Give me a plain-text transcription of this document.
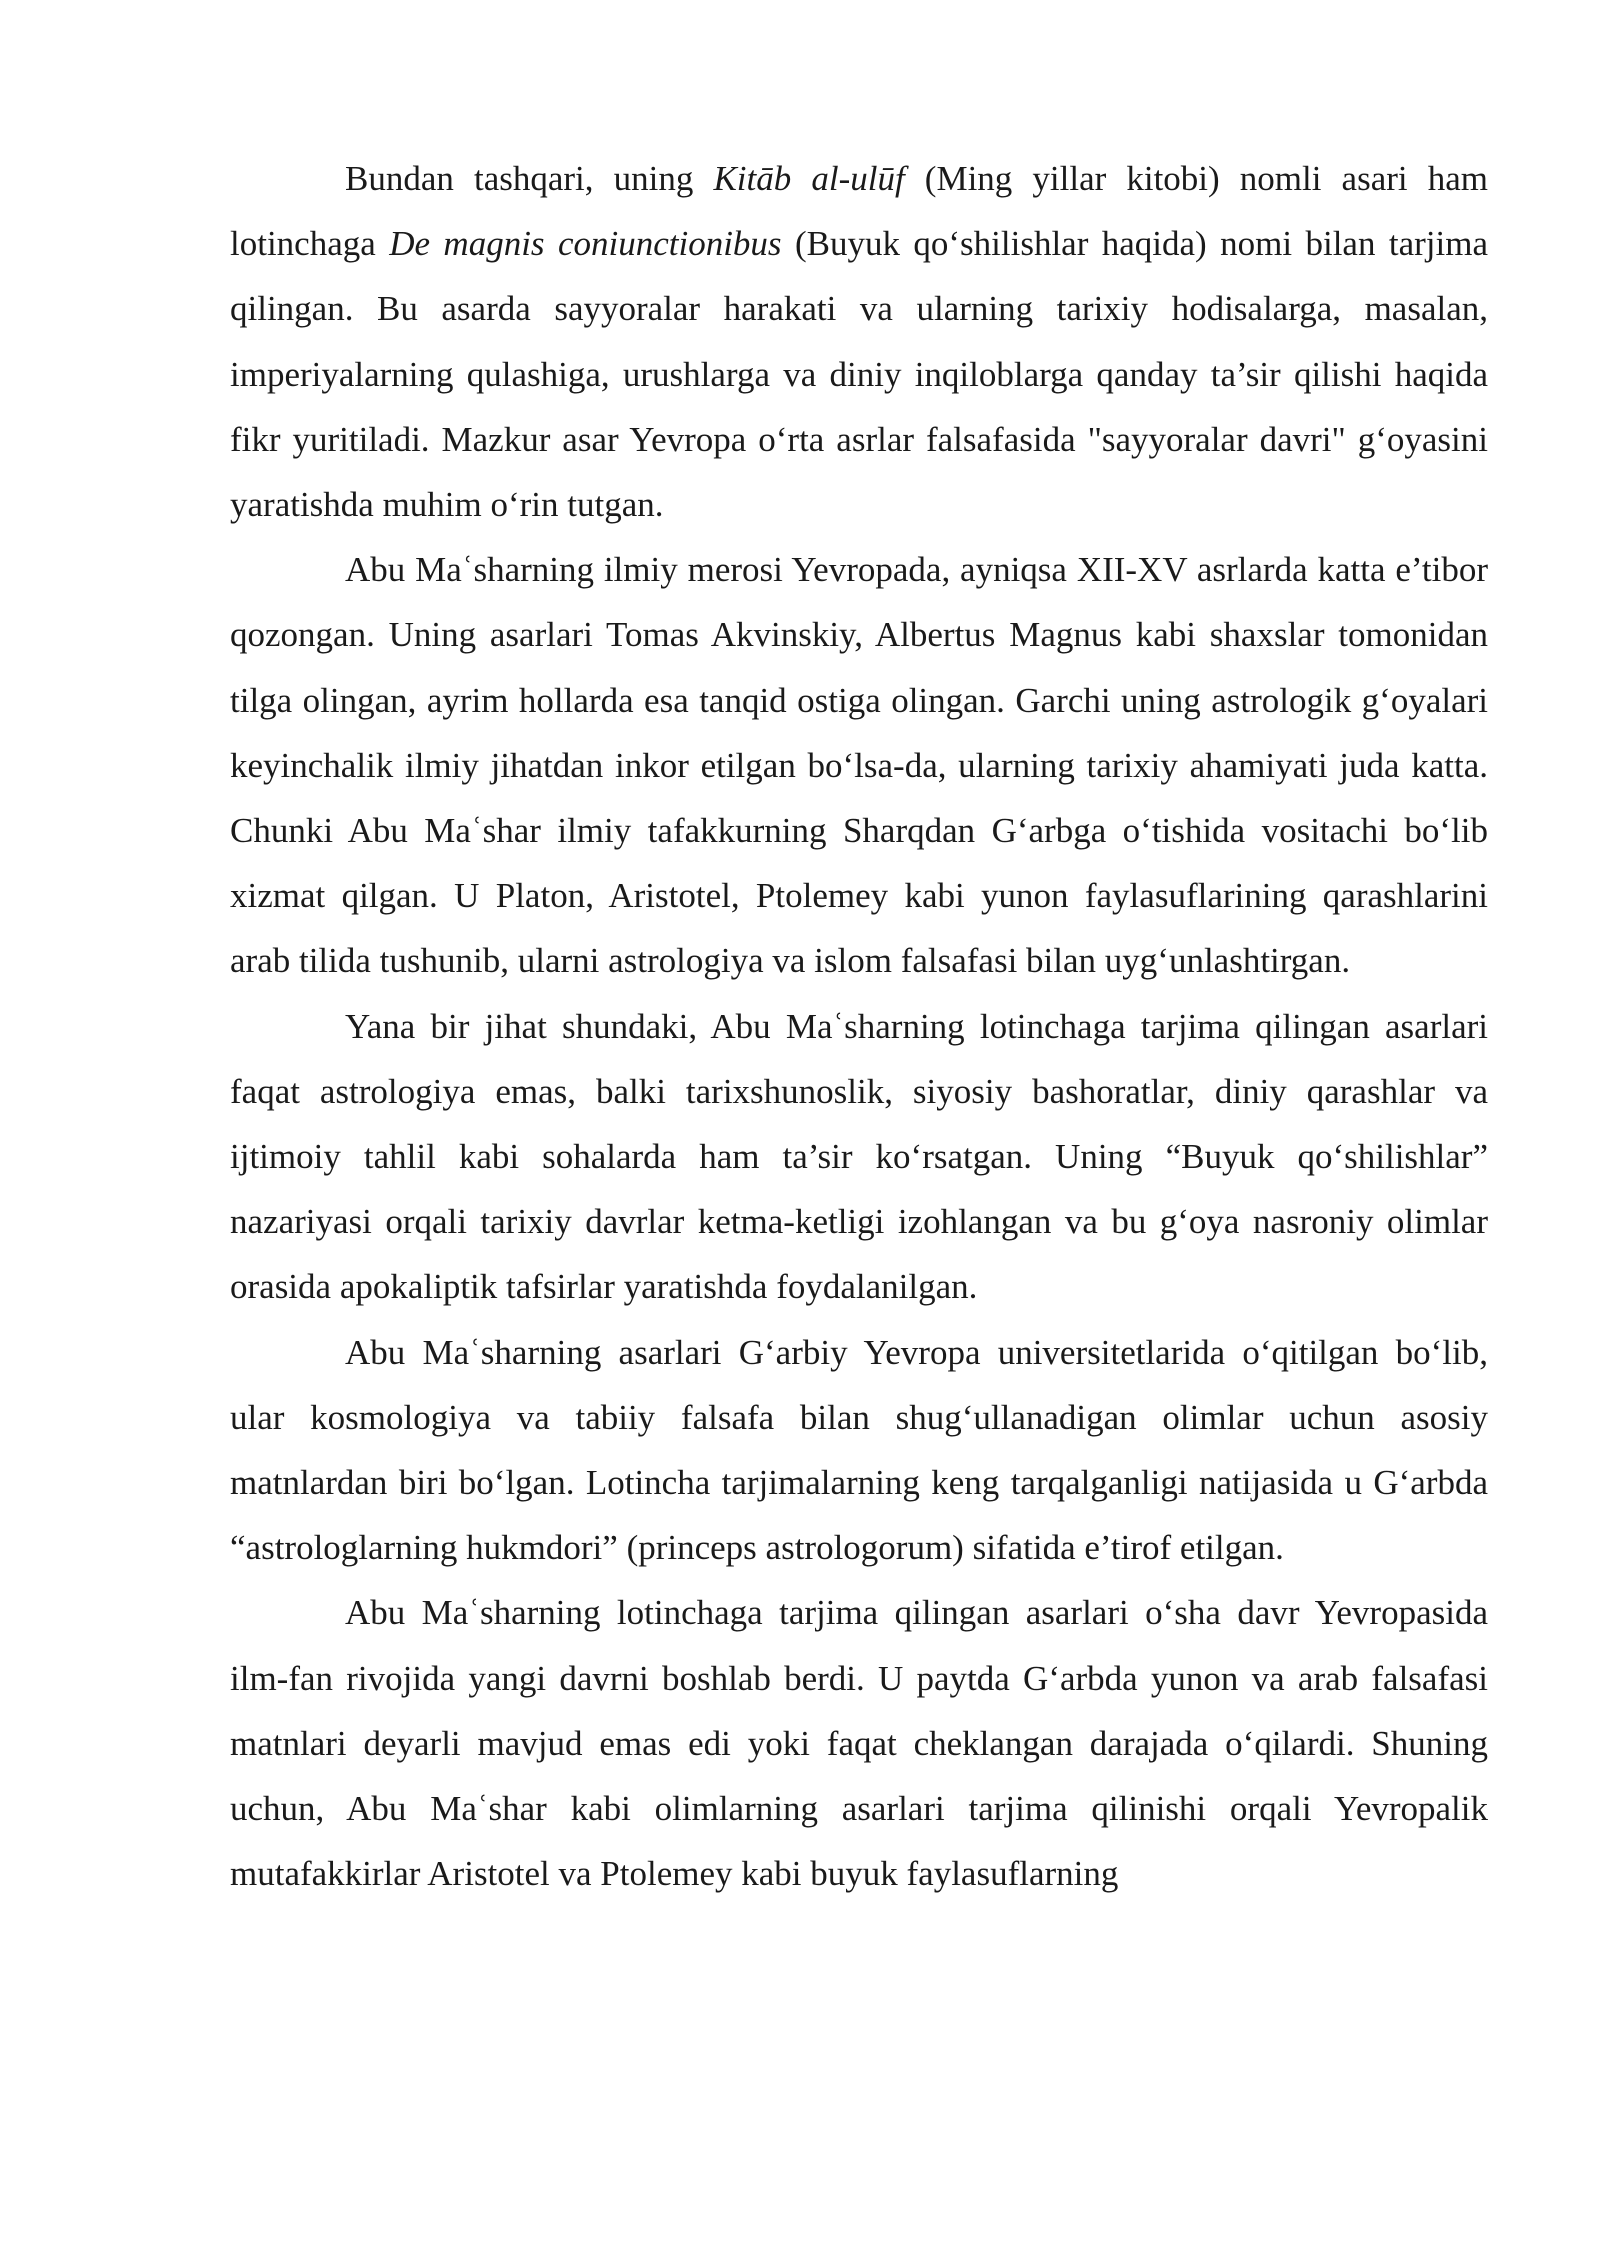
Bundan tashqari, uning Kitāb al-ulūf (Ming yillar kitobi) nomli asari ham lotinchaga De magnis coniunctionibus (Buyuk qo‘shilishlar haqida) nomi bilan tarjima qilingan. Bu asarda sayyoralar harakati va ularning tarixiy hodisalarga, masalan, imperiyalarning qulashiga, urushlarga va diniy inqiloblarga qanday ta’sir qilishi haqida fikr yuritiladi. Mazkur asar Yevropa o‘rta asrlar falsafasida "sayyoralar davri" g‘oyasini yaratishda muhim o‘rin tutgan.

Abu Maʿsharning ilmiy merosi Yevropada, ayniqsa XII-XV asrlarda katta e’tibor qozongan. Uning asarlari Tomas Akvinskiy, Albertus Magnus kabi shaxslar tomonidan tilga olingan, ayrim hollarda esa tanqid ostiga olingan. Garchi uning astrologik g‘oyalari keyinchalik ilmiy jihatdan inkor etilgan bo‘lsa-da, ularning tarixiy ahamiyati juda katta. Chunki Abu Maʿshar ilmiy tafakkurning Sharqdan G‘arbga o‘tishida vositachi bo‘lib xizmat qilgan. U Platon, Aristotel, Ptolemey kabi yunon faylasuflarining qarashlarini arab tilida tushunib, ularni astrologiya va islom falsafasi bilan uyg‘unlashtirgan.

Yana bir jihat shundaki, Abu Maʿsharning lotinchaga tarjima qilingan asarlari faqat astrologiya emas, balki tarixshunoslik, siyosiy bashoratlar, diniy qarashlar va ijtimoiy tahlil kabi sohalarda ham ta’sir ko‘rsatgan. Uning “Buyuk qo‘shilishlar” nazariyasi orqali tarixiy davrlar ketma-ketligi izohlangan va bu g‘oya nasroniy olimlar orasida apokaliptik tafsirlar yaratishda foydalanilgan.

Abu Maʿsharning asarlari G‘arbiy Yevropa universitetlarida o‘qitilgan bo‘lib, ular kosmologiya va tabiiy falsafa bilan shug‘ullanadigan olimlar uchun asosiy matnlardan biri bo‘lgan. Lotincha tarjimalarning keng tarqalganligi natijasida u G‘arbda “astrologlarning hukmdori” (princeps astrologorum) sifatida e’tirof etilgan.

Abu Maʿsharning lotinchaga tarjima qilingan asarlari o‘sha davr Yevropasida ilm-fan rivojida yangi davrni boshlab berdi. U paytda G‘arbda yunon va arab falsafasi matnlari deyarli mavjud emas edi yoki faqat cheklangan darajada o‘qilardi. Shuning uchun, Abu Maʿshar kabi olimlarning asarlari tarjima qilinishi orqali Yevropalik mutafakkirlar Aristotel va Ptolemey kabi buyuk faylasuflarning
